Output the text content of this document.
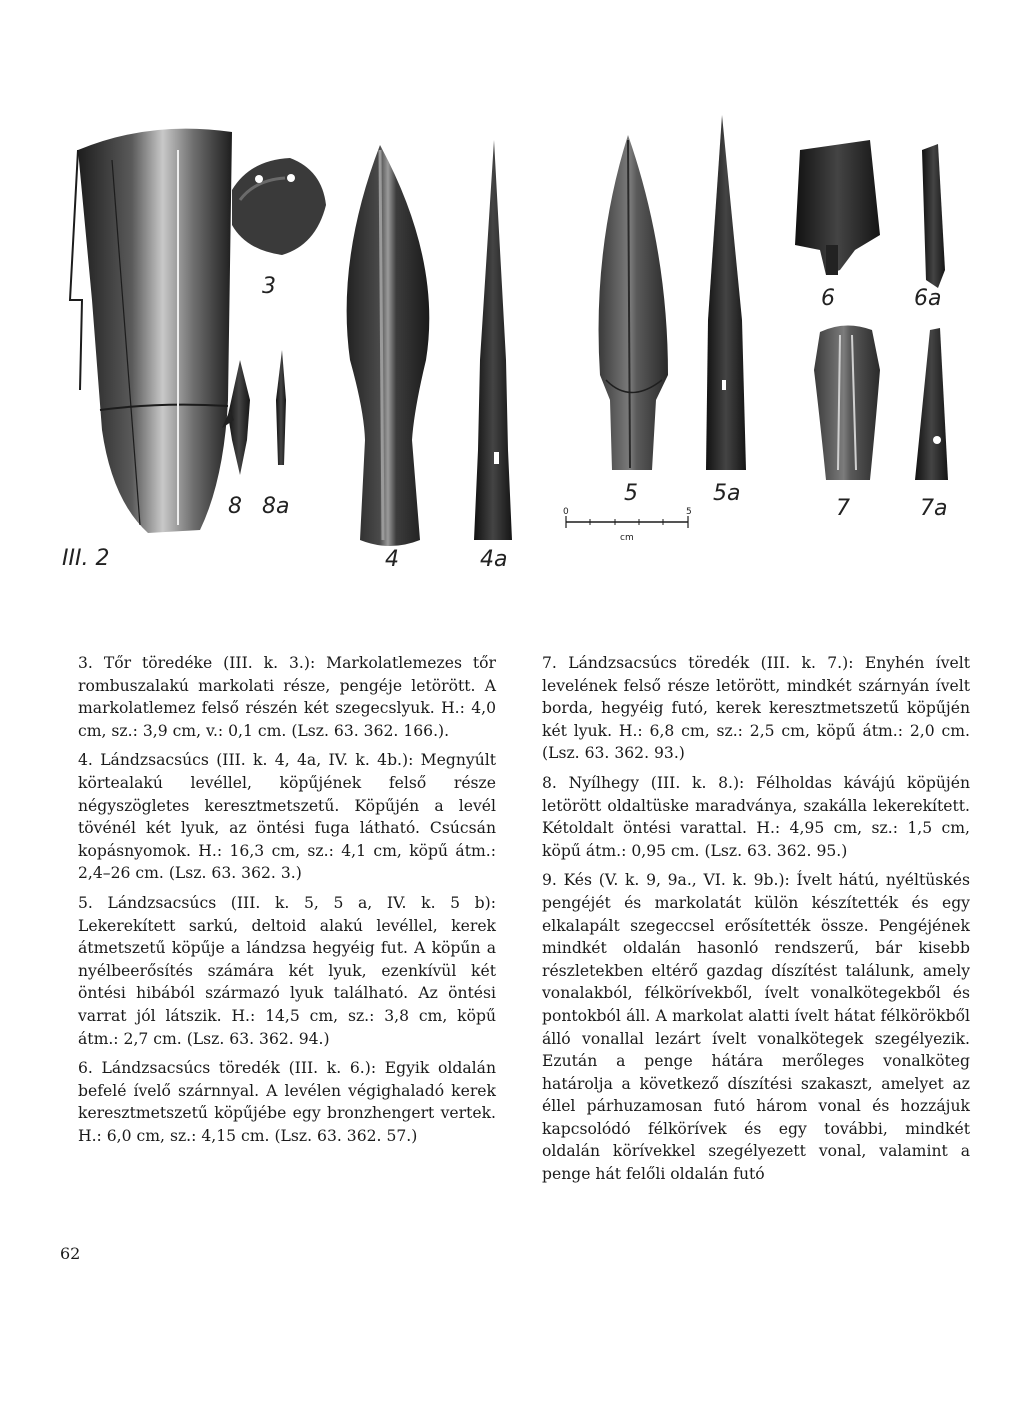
0	5
cm
III. 2
3
8 8a
4	4a
5	5a
6	6a
7	7a

3. Tőr töredéke (III. k. 3.): Markolatlemezes tőr rombuszalakú markolati része, pengéje letörött. A markolatlemez felső részén két szegecslyuk. H.: 4,0 cm, sz.: 3,9 cm, v.: 0,1 cm. (Lsz. 63. 362. 166.).

4. Lándzsacsúcs (III. k. 4, 4a, IV. k. 4b.): Megnyúlt körtealakú levéllel, köpűjének felső része négyszögletes keresztmetszetű. Köpűjén a levél tövénél két lyuk, az öntési fuga látható. Csúcsán kopásnyomok. H.: 16,3 cm, sz.: 4,1 cm, köpű átm.: 2,4–26 cm. (Lsz. 63. 362. 3.)

5. Lándzsacsúcs (III. k. 5, 5 a, IV. k. 5 b): Lekerekített sarkú, deltoid alakú levéllel, kerek átmetszetű köpűje a lándzsa hegyéig fut. A köpűn a nyélbeerősítés számára két lyuk, ezenkívül két öntési hibából származó lyuk található. Az öntési varrat jól látszik. H.: 14,5 cm, sz.: 3,8 cm, köpű átm.: 2,7 cm. (Lsz. 63. 362. 94.)

6. Lándzsacsúcs töredék (III. k. 6.): Egyik oldalán befelé ívelő szárnnyal. A levélen végighaladó kerek keresztmetszetű köpűjébe egy bronzhengert vertek. H.: 6,0 cm, sz.: 4,15 cm. (Lsz. 63. 362. 57.)

7. Lándzsacsúcs töredék (III. k. 7.): Enyhén ívelt levelének felső része letörött, mindkét szárnyán ívelt borda, hegyéig futó, kerek keresztmetszetű köpűjén két lyuk. H.: 6,8 cm, sz.: 2,5 cm, köpű átm.: 2,0 cm. (Lsz. 63. 362. 93.)

8. Nyílhegy (III. k. 8.): Félholdas kávájú köpüjén letörött oldaltüske maradványa, szakálla lekerekített. Kétoldalt öntési varattal. H.: 4,95 cm, sz.: 1,5 cm, köpű átm.: 0,95 cm. (Lsz. 63. 362. 95.)

9. Kés (V. k. 9, 9a., VI. k. 9b.): Ívelt hátú, nyéltüskés pengéjét és markolatát külön készítették és egy elkalapált szegeccsel erősítették össze. Pengéjének mindkét oldalán hasonló rendszerű, bár kisebb részletekben eltérő gazdag díszítést találunk, amely vonalakból, félkörívekből, ívelt vonalkötegekből és pontokból áll. A markolat alatti ívelt hátat félkörökből álló vonallal lezárt ívelt vonalkötegek szegélyezik. Ezután a penge hátára merőleges vonalköteg határolja a következő díszítési szakaszt, amelyet az éllel párhuzamosan futó három vonal és hozzájuk kapcsolódó félkörívek és egy további, mindkét oldalán körívekkel szegélyezett vonal, valamint a penge hát felőli oldalán futó

62
